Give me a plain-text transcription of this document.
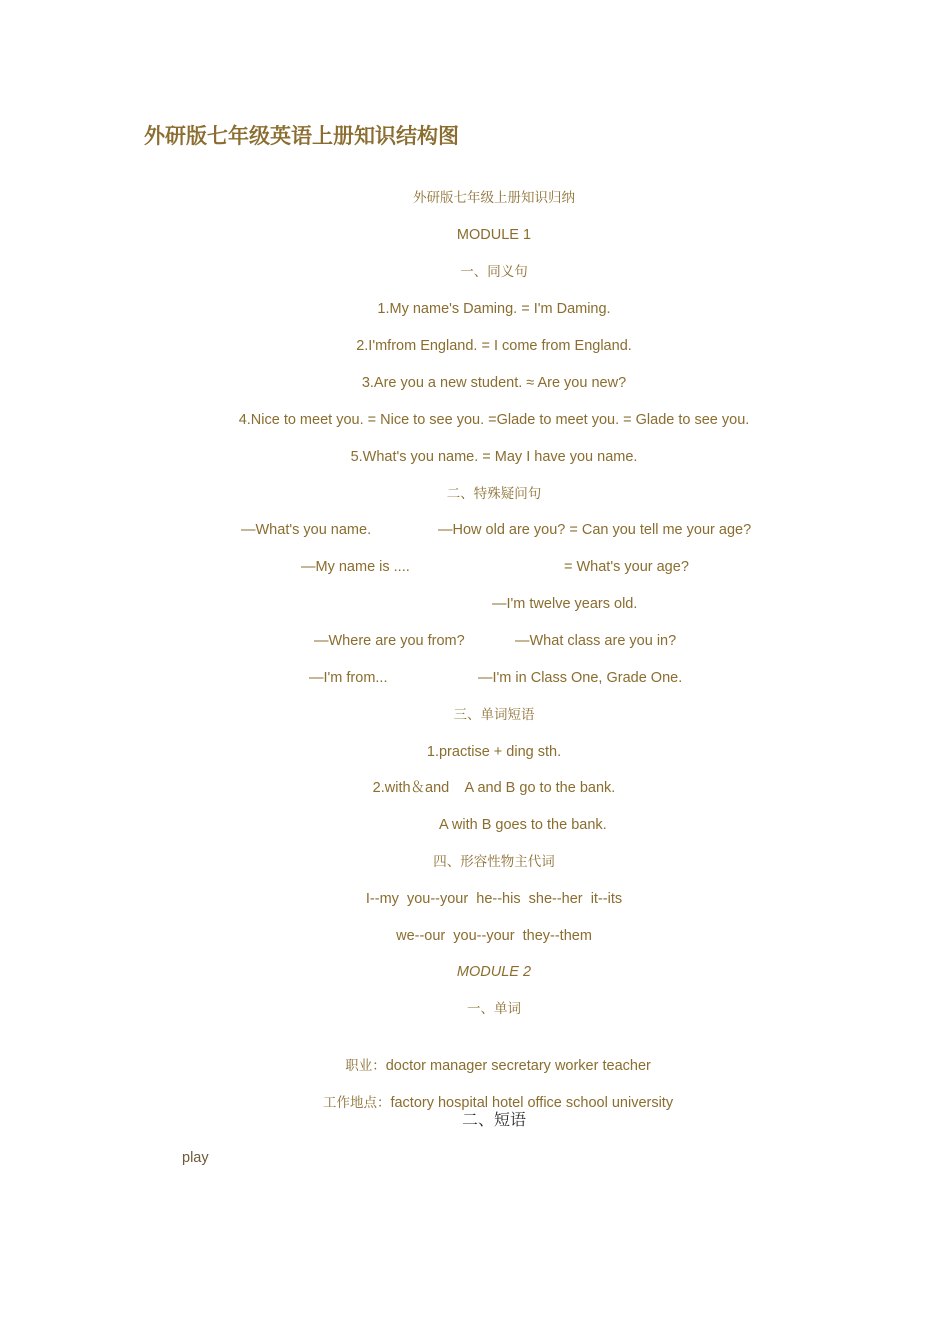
外研版七年级英语上册知识结构图
外研版七年级上册知识归纳
MODULE 1
一、同义句
1.My name's Daming. = I'm Daming.
2.I'mfrom England. = I come from England.
3.Are you a new student. ≈ Are you new?
4.Nice to meet you. = Nice to see you. =Glade to meet you. = Glade to see you.
5.What's you name. = May I have you name.
二、特殊疑问句
—What's you name.	—How old are you? = Can you tell me your age?
—My name is ....	= What's your age?
—I'm twelve years old.
—Where are you from?	—What class are you in?
—I'm from...	—I'm in Class One, Grade One.
三、单词短语
1.practise + ding sth.
2.with＆and    A and B go to the bank.
A with B goes to the bank.
四、形容性物主代词
I--my  you--your  he--his  she--her  it--its
we--our  you--your  they--them
MODULE 2
一、单词

职业：doctor manager secretary worker teacher

工作地点：factory hospital hotel office school university

二、短语
play
